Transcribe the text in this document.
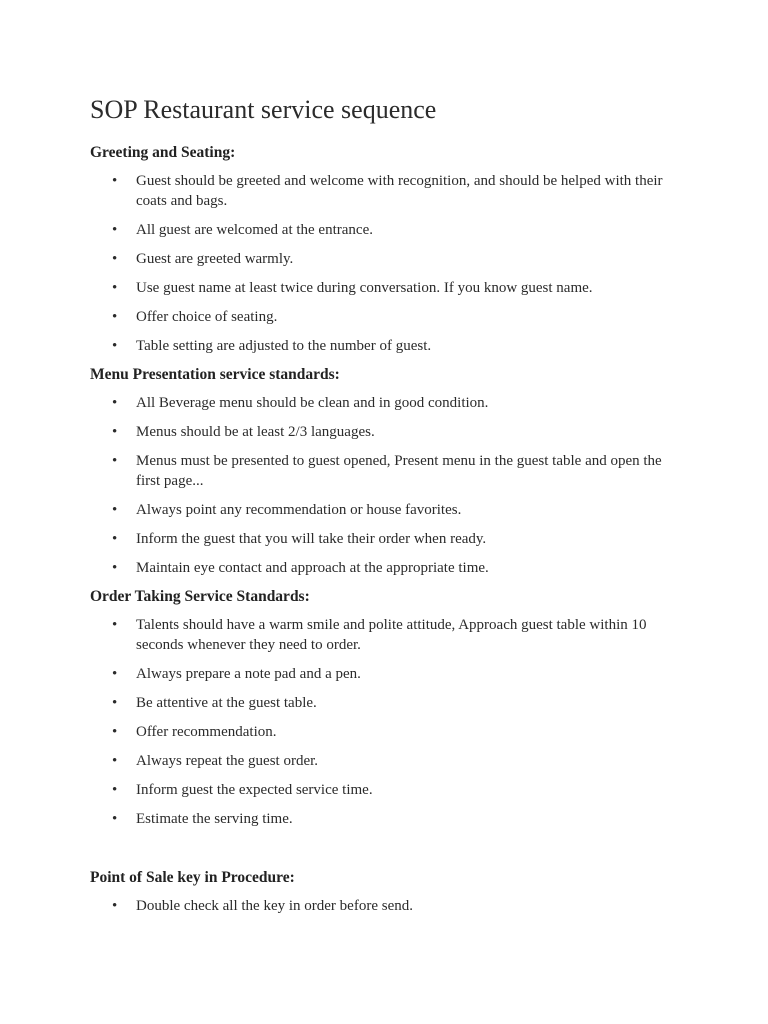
SOP Restaurant service sequence
Greeting and Seating:
• Guest should be greeted and welcome with recognition, and should be helped with their coats and bags.
• All guest are welcomed at the entrance.
• Guest are greeted warmly.
• Use guest name at least twice during conversation. If you know guest name.
• Offer choice of seating.
• Table setting are adjusted to the number of guest.
Menu Presentation service standards:
• All Beverage menu should be clean and in good condition.
• Menus should be at least 2/3 languages.
• Menus must be presented to guest opened, Present menu in the guest table and open the first page...
• Always point any recommendation or house favorites.
• Inform the guest that you will take their order when ready.
• Maintain eye contact and approach at the appropriate time.
Order Taking Service Standards:
• Talents should have a warm smile and polite attitude, Approach guest table within 10 seconds whenever they need to order.
• Always prepare a note pad and a pen.
• Be attentive at the guest table.
• Offer recommendation.
• Always repeat the guest order.
• Inform guest the expected service time.
• Estimate the serving time.
Point of Sale key in Procedure:
• Double check all the key in order before send.
